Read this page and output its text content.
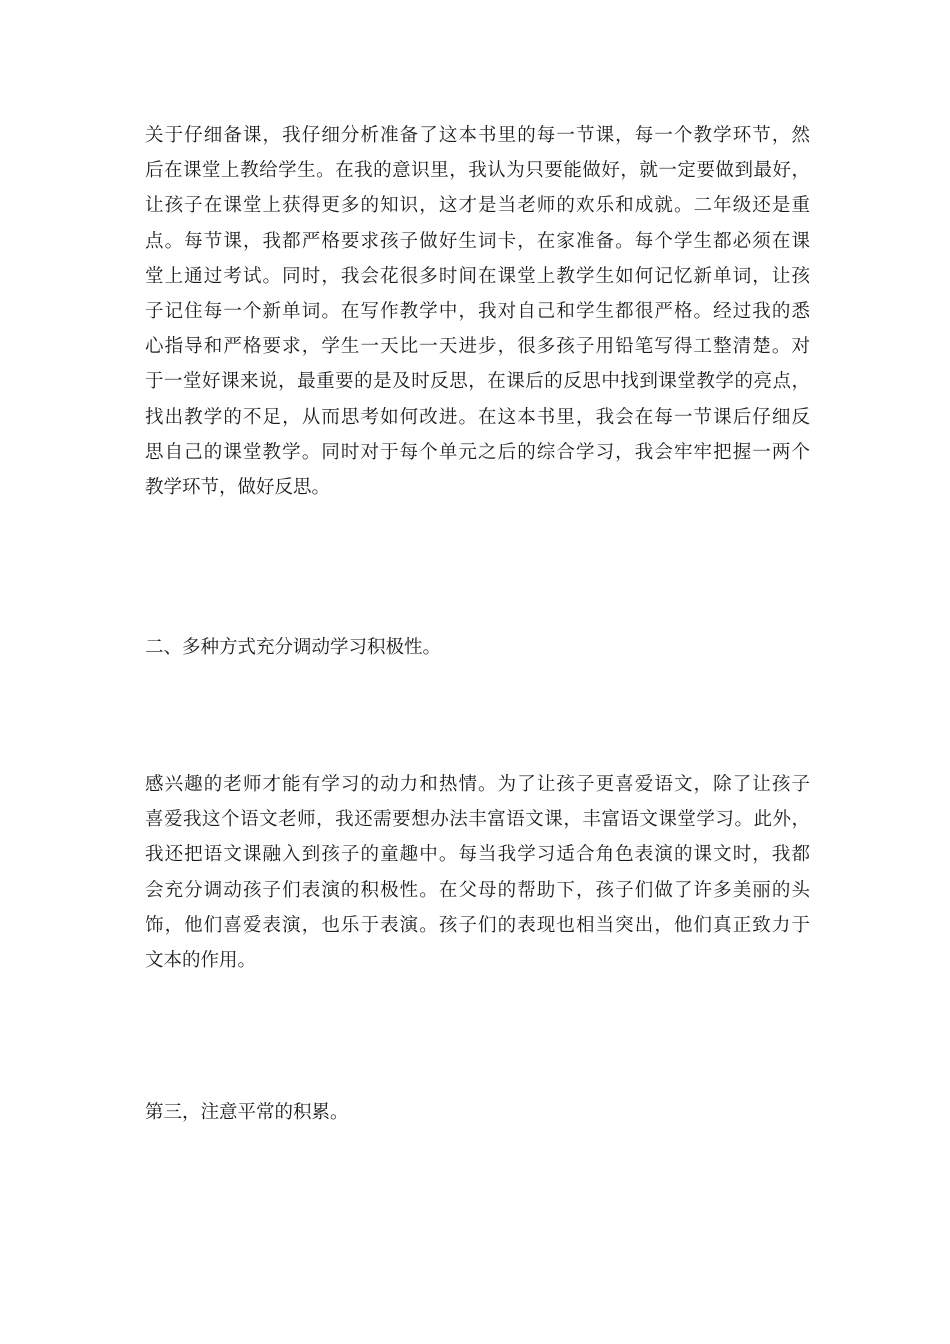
关于仔细备课，我仔细分析准备了这本书里的每一节课，每一个教学环节，然
后在课堂上教给学生。在我的意识里，我认为只要能做好，就一定要做到最好，
让孩子在课堂上获得更多的知识，这才是当老师的欢乐和成就。二年级还是重
点。每节课，我都严格要求孩子做好生词卡，在家准备。每个学生都必须在课
堂上通过考试。同时，我会花很多时间在课堂上教学生如何记忆新单词，让孩
子记住每一个新单词。在写作教学中，我对自己和学生都很严格。经过我的悉
心指导和严格要求，学生一天比一天进步，很多孩子用铅笔写得工整清楚。对
于一堂好课来说，最重要的是及时反思，在课后的反思中找到课堂教学的亮点，
找出教学的不足，从而思考如何改进。在这本书里，我会在每一节课后仔细反
思自己的课堂教学。同时对于每个单元之后的综合学习，我会牢牢把握一两个
教学环节，做好反思。
二、多种方式充分调动学习积极性。
感兴趣的老师才能有学习的动力和热情。为了让孩子更喜爱语文，除了让孩子
喜爱我这个语文老师，我还需要想办法丰富语文课，丰富语文课堂学习。此外，
我还把语文课融入到孩子的童趣中。每当我学习适合角色表演的课文时，我都
会充分调动孩子们表演的积极性。在父母的帮助下，孩子们做了许多美丽的头
饰，他们喜爱表演，也乐于表演。孩子们的表现也相当突出，他们真正致力于
文本的作用。
第三，注意平常的积累。
